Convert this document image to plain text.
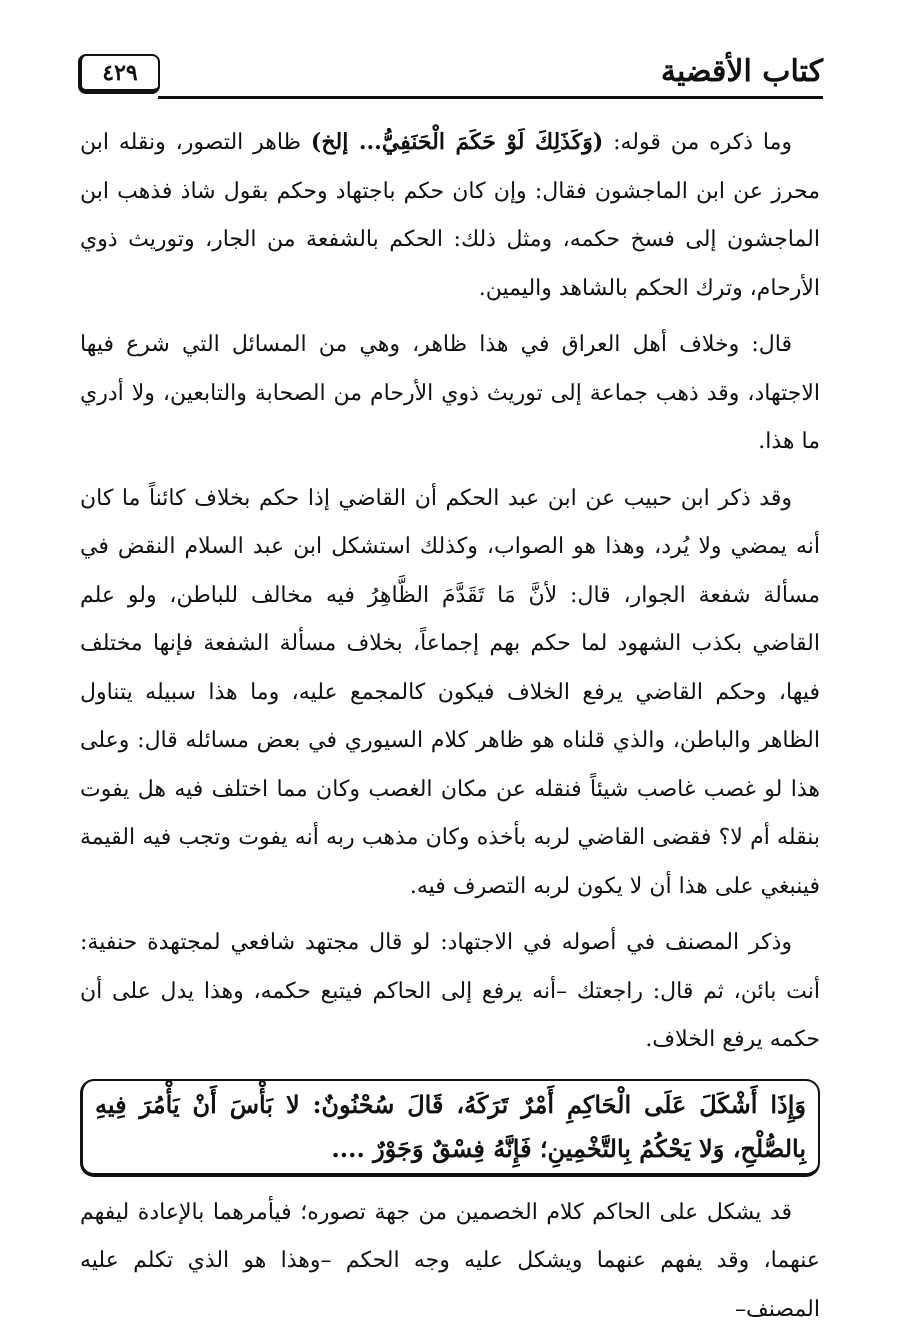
كتاب الأقضية
٤٢٩

وما ذكره من قوله: (وَكَذَلِكَ لَوْ حَكَمَ الْحَنَفِيُّ... إلخ) ظاهر التصور، ونقله ابن محرز عن ابن الماجشون فقال: وإن كان حكم باجتهاد وحكم بقول شاذ فذهب ابن الماجشون إلى فسخ حكمه، ومثل ذلك: الحكم بالشفعة من الجار، وتوريث ذوي الأرحام، وترك الحكم بالشاهد واليمين.

قال: وخلاف أهل العراق في هذا ظاهر، وهي من المسائل التي شرع فيها الاجتهاد، وقد ذهب جماعة إلى توريث ذوي الأرحام من الصحابة والتابعين، ولا أدري ما هذا.

وقد ذكر ابن حبيب عن ابن عبد الحكم أن القاضي إذا حكم بخلاف كائناً ما كان أنه يمضي ولا يُرد، وهذا هو الصواب، وكذلك استشكل ابن عبد السلام النقض في مسألة شفعة الجوار، قال: لأنَّ مَا تَقَدَّمَ الظَّاهِرُ فيه مخالف للباطن، ولو علم القاضي بكذب الشهود لما حكم بهم إجماعاً، بخلاف مسألة الشفعة فإنها مختلف فيها، وحكم القاضي يرفع الخلاف فيكون كالمجمع عليه، وما هذا سبيله يتناول الظاهر والباطن، والذي قلناه هو ظاهر كلام السيوري في بعض مسائله قال: وعلى هذا لو غصب غاصب شيئاً فنقله عن مكان الغصب وكان مما اختلف فيه هل يفوت بنقله أم لا؟ فقضى القاضي لربه بأخذه وكان مذهب ربه أنه يفوت وتجب فيه القيمة فينبغي على هذا أن لا يكون لربه التصرف فيه.

وذكر المصنف في أصوله في الاجتهاد: لو قال مجتهد شافعي لمجتهدة حنفية: أنت بائن، ثم قال: راجعتك –أنه يرفع إلى الحاكم فيتبع حكمه، وهذا يدل على أن حكمه يرفع الخلاف.

وَإِذَا أَشْكَلَ عَلَى الْحَاكِمِ أَمْرٌ تَرَكَهُ، قَالَ سُحْنُونٌ: لا بَأْسَ أَنْ يَأْمُرَ فِيهِ بِالصُّلْحِ، وَلا يَحْكُمُ بِالتَّخْمِينِ؛ فَإِنَّهُ فِسْقٌ وَجَوْرٌ ....

قد يشكل على الحاكم كلام الخصمين من جهة تصوره؛ فيأمرهما بالإعادة ليفهم عنهما، وقد يفهم عنهما ويشكل عليه وجه الحكم –وهذا هو الذي تكلم عليه المصنف–
